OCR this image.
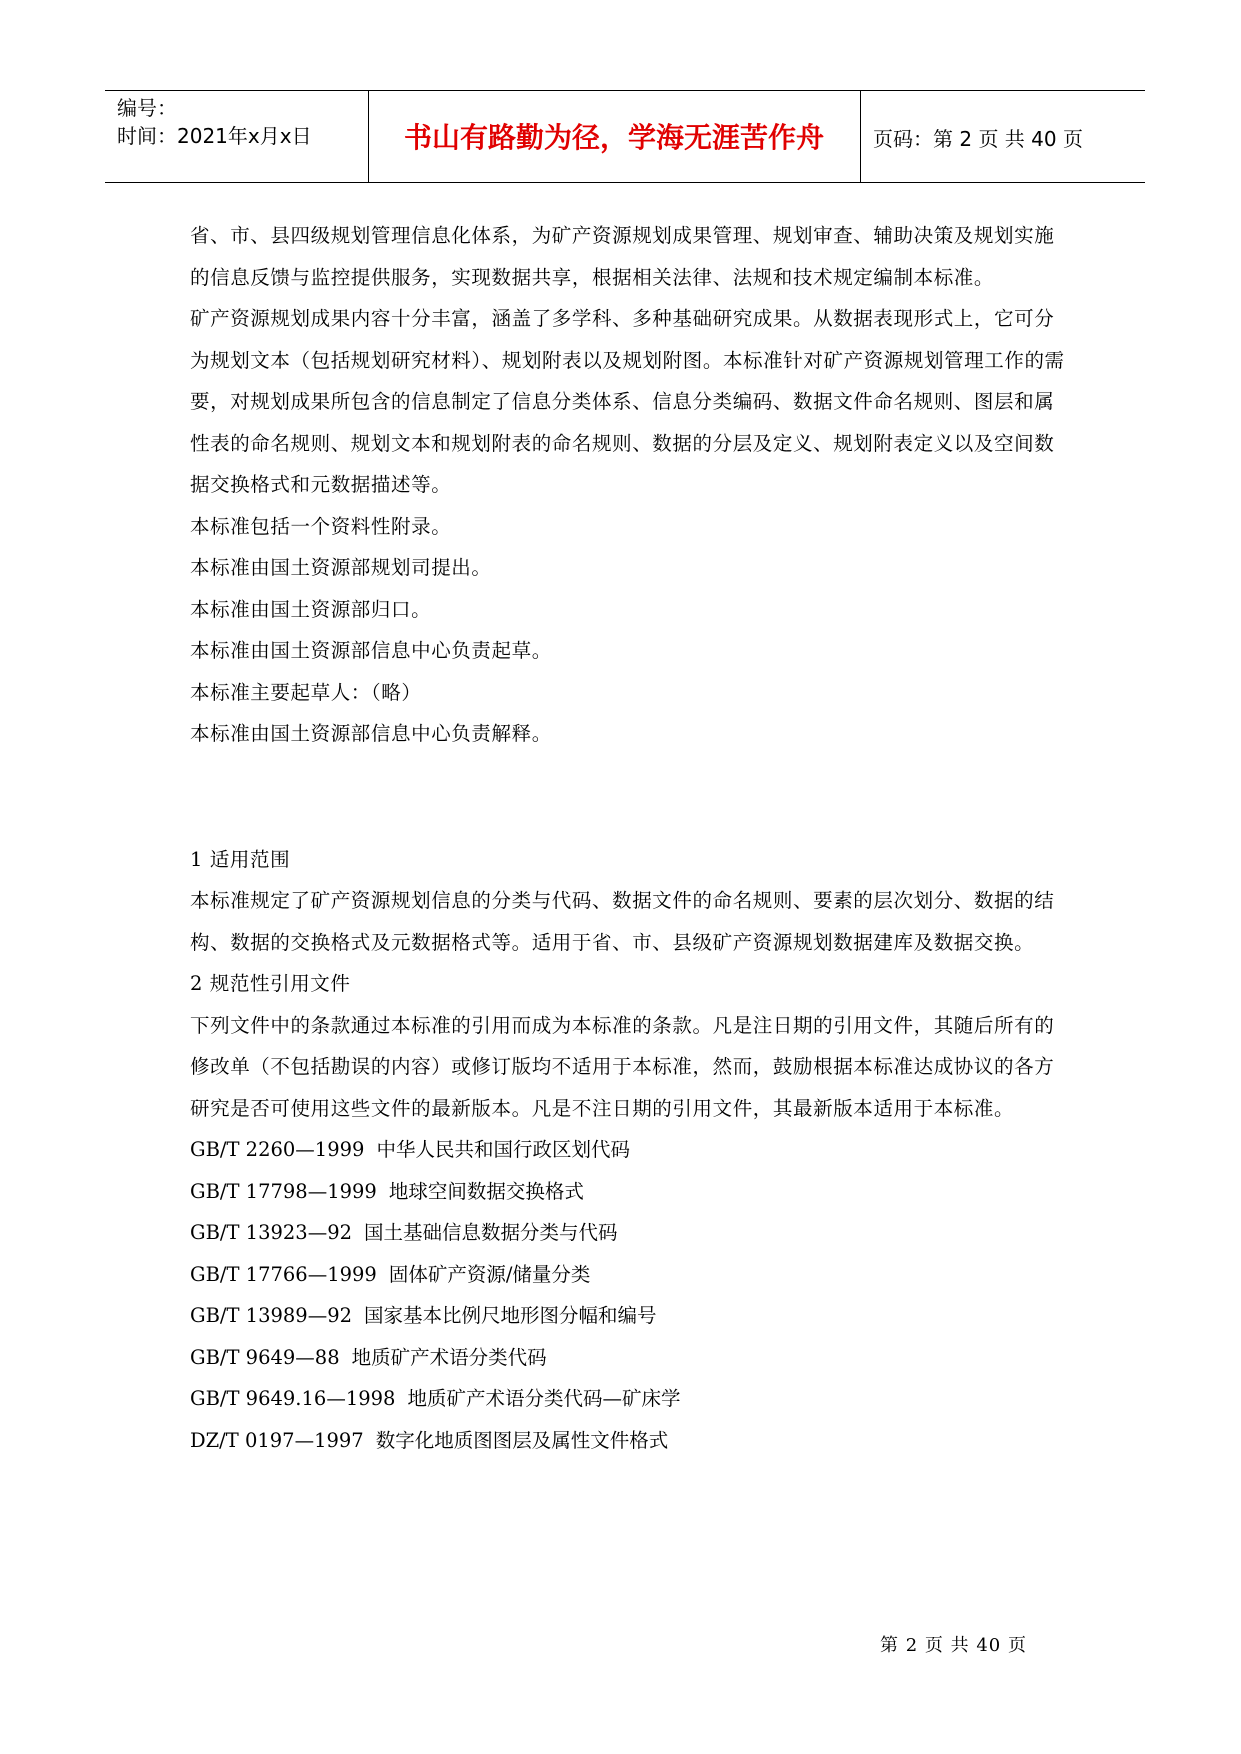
编号：
时间：2021年x月x日	书山有路勤为径，学海无涯苦作舟	页码：第 2 页 共 40 页

省、市、县四级规划管理信息化体系，为矿产资源规划成果管理、规划审查、辅助决策及规划实施的信息反馈与监控提供服务，实现数据共享，根据相关法律、法规和技术规定编制本标准。

矿产资源规划成果内容十分丰富，涵盖了多学科、多种基础研究成果。从数据表现形式上，它可分为规划文本（包括规划研究材料）、规划附表以及规划附图。本标准针对矿产资源规划管理工作的需要，对规划成果所包含的信息制定了信息分类体系、信息分类编码、数据文件命名规则、图层和属性表的命名规则、规划文本和规划附表的命名规则、数据的分层及定义、规划附表定义以及空间数据交换格式和元数据描述等。

本标准包括一个资料性附录。

本标准由国土资源部规划司提出。

本标准由国土资源部归口。

本标准由国土资源部信息中心负责起草。

本标准主要起草人：（略）

本标准由国土资源部信息中心负责解释。

1 适用范围

本标准规定了矿产资源规划信息的分类与代码、数据文件的命名规则、要素的层次划分、数据的结构、数据的交换格式及元数据格式等。适用于省、市、县级矿产资源规划数据建库及数据交换。

2 规范性引用文件

下列文件中的条款通过本标准的引用而成为本标准的条款。凡是注日期的引用文件，其随后所有的修改单（不包括勘误的内容）或修订版均不适用于本标准，然而，鼓励根据本标准达成协议的各方研究是否可使用这些文件的最新版本。凡是不注日期的引用文件，其最新版本适用于本标准。

GB/T 2260—1999 中华人民共和国行政区划代码

GB/T 17798—1999 地球空间数据交换格式

GB/T 13923—92 国土基础信息数据分类与代码

GB/T 17766—1999 固体矿产资源/储量分类

GB/T 13989—92 国家基本比例尺地形图分幅和编号

GB/T 9649—88 地质矿产术语分类代码

GB/T 9649.16—1998 地质矿产术语分类代码—矿床学

DZ/T 0197—1997 数字化地质图图层及属性文件格式

第 2 页 共 40 页
